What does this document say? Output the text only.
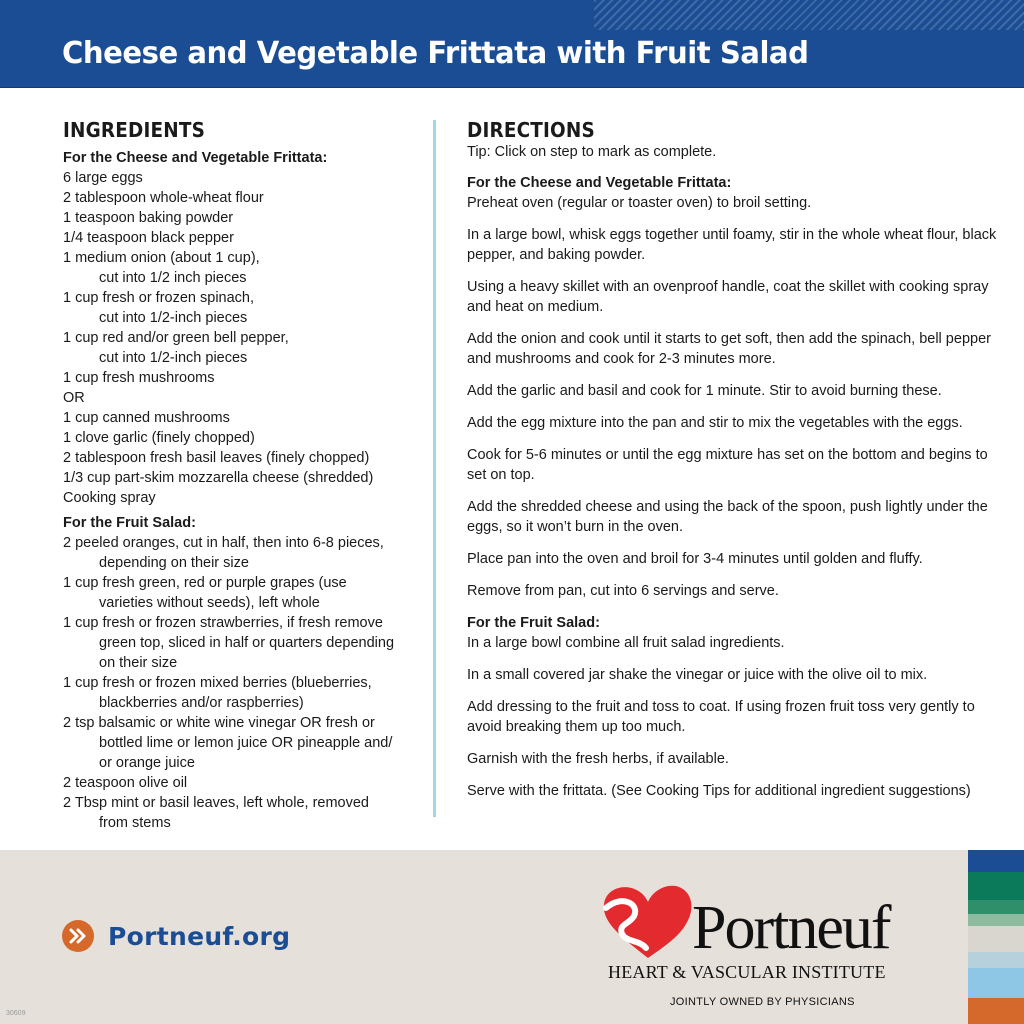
Cheese and Vegetable Frittata with Fruit Salad
INGREDIENTS
For the Cheese and Vegetable Frittata:
6 large eggs
2 tablespoon whole-wheat flour
1 teaspoon baking powder
1/4 teaspoon black pepper
1 medium onion (about 1 cup),
cut into 1/2 inch pieces
1 cup fresh or frozen spinach,
cut into 1/2-inch pieces
1 cup red and/or green bell pepper,
cut into 1/2-inch pieces
1 cup fresh mushrooms
OR
1 cup canned mushrooms
1 clove garlic (finely chopped)
2 tablespoon fresh basil leaves (finely chopped)
1/3 cup part-skim mozzarella cheese (shredded)
Cooking spray
For the Fruit Salad:
2 peeled oranges, cut in half, then into 6-8 pieces,
depending on their size
1 cup fresh green, red or purple grapes (use
varieties without seeds), left whole
1 cup fresh or frozen strawberries, if fresh remove
green top, sliced in half or quarters depending
on their size
1 cup fresh or frozen mixed berries (blueberries,
blackberries and/or raspberries)
2 tsp balsamic or white wine vinegar OR fresh or
bottled lime or lemon juice OR pineapple and/
or orange juice
2 teaspoon olive oil
2 Tbsp mint or basil leaves, left whole, removed
from stems
DIRECTIONS
Tip: Click on step to mark as complete.
For the Cheese and Vegetable Frittata:
Preheat oven (regular or toaster oven) to broil setting.
In a large bowl, whisk eggs together until foamy, stir in the whole wheat flour, black pepper, and baking powder.
Using a heavy skillet with an ovenproof handle, coat the skillet with cooking spray and heat on medium.
Add the onion and cook until it starts to get soft, then add the spinach, bell pepper and mushrooms and cook for 2-3 minutes more.
Add the garlic and basil and cook for 1 minute. Stir to avoid burning these.
Add the egg mixture into the pan and stir to mix the vegetables with the eggs.
Cook for 5-6 minutes or until the egg mixture has set on the bottom and begins to set on top.
Add the shredded cheese and using the back of the spoon, push lightly under the eggs, so it won’t burn in the oven.
Place pan into the oven and broil for 3-4 minutes until golden and fluffy.
Remove from pan, cut into 6 servings and serve.
For the Fruit Salad:
In a large bowl combine all fruit salad ingredients.
In a small covered jar shake the vinegar or juice with the olive oil to mix.
Add dressing to the fruit and toss to coat. If using frozen fruit toss very gently to avoid breaking them up too much.
Garnish with the fresh herbs, if available.
Serve with the frittata. (See Cooking Tips for additional ingredient suggestions)
Portneuf.org	Portneuf
HEART & VASCULAR INSTITUTE
JOINTLY OWNED BY PHYSICIANS
30609
